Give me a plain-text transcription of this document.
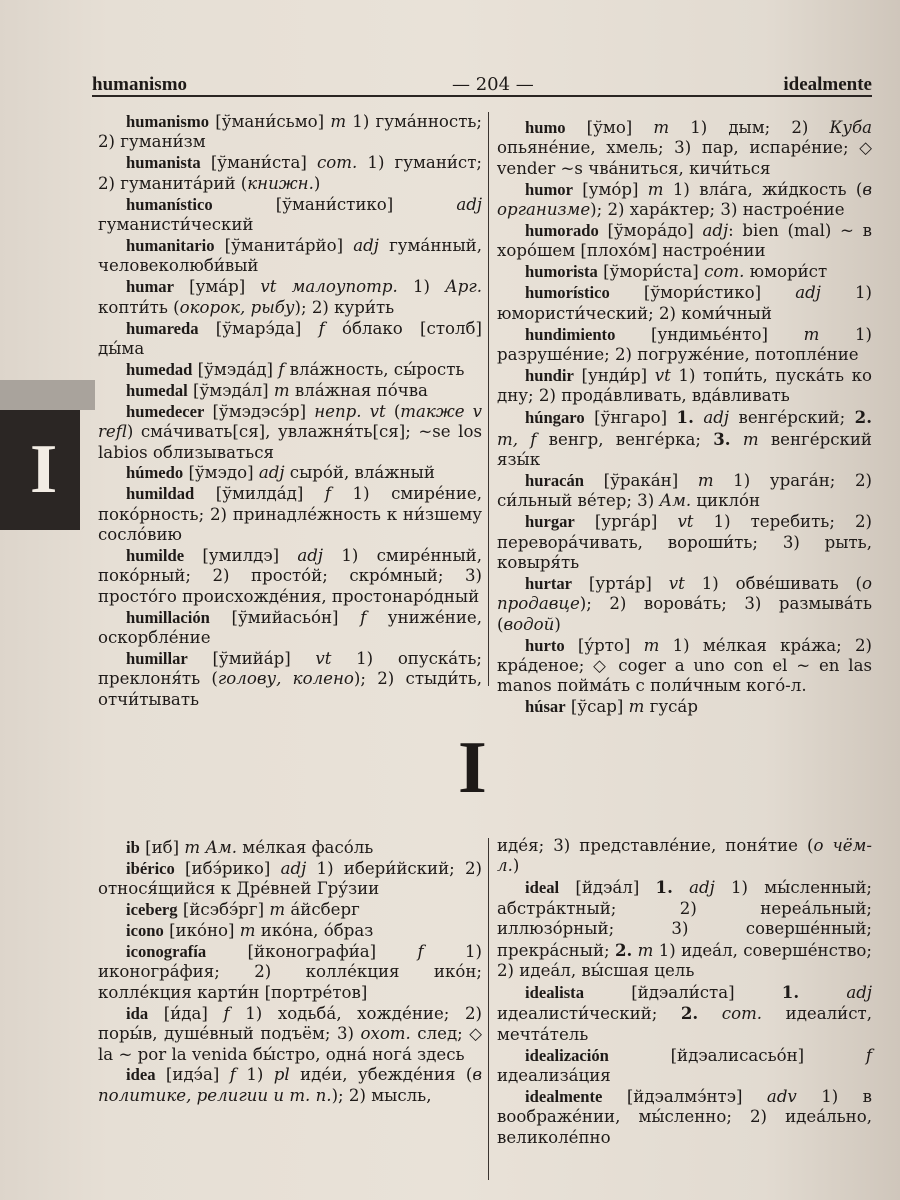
I
humanismo	— 204 —	idealmente

humanismo [ўмани́сьмо] m 1) гума́нность; 2) гумани́зм

humanista [ўмани́ста] com. 1) гумани́ст; 2) гуманита́рий (книжн.)

humanístico [ўмани́стико] adj гуманисти́ческий

humanitario [ўманита́рйо] adj гума́нный, человеколюби́вый

humar [ума́р] vt малоупотр. 1) Арг. копти́ть (окорок, рыбу); 2) кури́ть

humareda [ўмарэ́да] f о́блако [столб] ды́ма

humedad [ўмэда́д] f вла́жность, сы́рость

humedal [ўмэда́л] m вла́жная по́чва

humedecer [ўмэдэсэ́р] непр. vt (также v refl) сма́чивать[ся], увлажня́ть[ся]; ~se los labios облизываться

húmedo [ўмэдо] adj сыро́й, вла́жный

humildad [ўмилда́д] f 1) смире́ние, поко́рность; 2) принадле́жность к ни́зшему сосло́вию

humilde [умилдэ] adj 1) смире́нный, поко́рный; 2) просто́й; скро́мный; 3) просто́го происхожде́ния, простонаро́дный

humillación [ўмийасьо́н] f униже́ние, оскорбле́ние

humillar [ўмийа́р] vt 1) опуска́ть; преклоня́ть (голову, колено); 2) стыди́ть, отчи́тывать

humo [ўмо] m 1) дым; 2) Куба опьяне́ние, хмель; 3) пар, испаре́ние; ◇ vender ~s чва́ниться, кичи́ться

humor [умо́р] m 1) вла́га, жи́дкость (в организме); 2) хара́ктер; 3) настрое́ние

humorado [ўмора́до] adj: bien (mal) ~ в хоро́шем [плохо́м] настрое́нии

humorista [ўмори́ста] com. юмори́ст

humorístico [ўмори́стико] adj 1) юмористи́ческий; 2) коми́чный

hundimiento [ундимье́нто] m 1) разруше́ние; 2) погруже́ние, потопле́ние

hundir [унди́р] vt 1) топи́ть, пуска́ть ко дну; 2) прода́вливать, вда́вливать

húngaro [ўнгаро] 1. adj венге́рский; 2. m, f венгр, венге́рка; 3. m венге́рский язы́к

huracán [ўрака́н] m 1) урага́н; 2) си́льный ве́тер; 3) Ам. цикло́н

hurgar [урга́р] vt 1) теребить; 2) перевора́чивать, вороши́ть; 3) рыть, ковыря́ть

hurtar [урта́р] vt 1) обве́шивать (о продавце); 2) ворова́ть; 3) размыва́ть (водой)

hurto [у́рто] m 1) ме́лкая кра́жа; 2) кра́деное; ◇ coger a uno con el ~ en las manos пойма́ть с поли́чным кого́-л.

húsar [ўсар] m гуса́р

I

ib [иб] m Ам. ме́лкая фасо́ль

ibérico [ибэ́рико] adj 1) ибери́йский; 2) относя́щийся к Дре́вней Гру́зии

iceberg [йсэбэ́рг] m а́йсберг

icono [ико́но] m ико́на, о́браз

iconografía [йконографи́а] f 1) иконогра́фия; 2) колле́кция ико́н; колле́кция карти́н [портре́тов]

ida [и́да] f 1) ходьба́, хожде́ние; 2) поры́в, душе́вный подъём; 3) охот. след; ◇ la ~ por la venida бы́стро, одна́ нога́ здесь

idea [идэ́а] f 1) pl иде́и, убежде́ния (в политике, религии и т. п.); 2) мысль,

иде́я; 3) представле́ние, поня́тие (о чём-л.)

ideal [йдэа́л] 1. adj 1) мы́сленный; абстра́ктный; 2) нереа́льный; иллюзо́рный; 3) соверше́нный; прекра́сный; 2. m 1) идеа́л, соверше́нство; 2) идеа́л, вы́сшая цель

idealista [йдэали́ста] 1.	adj идеалисти́ческий; 2. com. идеали́ст, мечта́тель

idealización [йдэалисасьо́н] f идеализа́ция

idealmente [йдэалмэ́нтэ] adv 1) в воображе́нии, мы́сленно; 2) идеа́льно, великоле́пно
